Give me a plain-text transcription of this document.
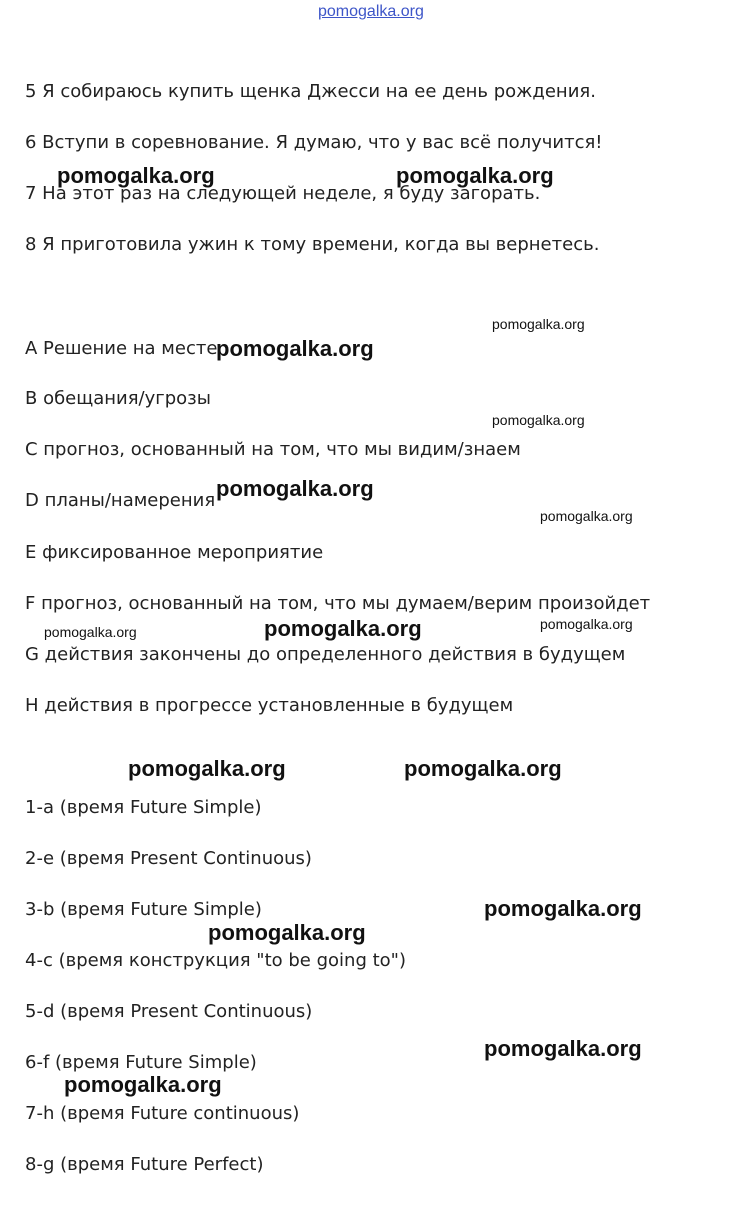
pomogalka.org
5 Я собираюсь купить щенка Джесси на ее день рождения.
6 Вступи в соревнование. Я думаю, что у вас всё получится!
7 На этот раз на следующей неделе, я буду загорать.
8 Я приготовила ужин к тому времени, когда вы вернетесь.
A Решение на месте
B обещания/угрозы
C прогноз, основанный на том, что мы видим/знаем
D планы/намерения
E фиксированное мероприятие
F прогноз, основанный на том, что мы думаем/верим произойдет
G действия закончены до определенного действия в будущем
H действия в прогрессе установленные в будущем
1-a (время Future Simple)
2-e (время Present Continuous)
3-b (время Future Simple)
4-c (время конструкция "to be going to")
5-d (время Present Continuous)
6-f (время Future Simple)
7-h (время Future continuous)
8-g (время Future Perfect)
pomogalka.org	pomogalka.org
pomogalka.org
pomogalka.org
pomogalka.org
pomogalka.org	pomogalka.org
pomogalka.org
pomogalka.org
pomogalka.org
pomogalka.org
pomogalka.org
pomogalka.org
pomogalka.org
pomogalka.org
pomogalka.org
